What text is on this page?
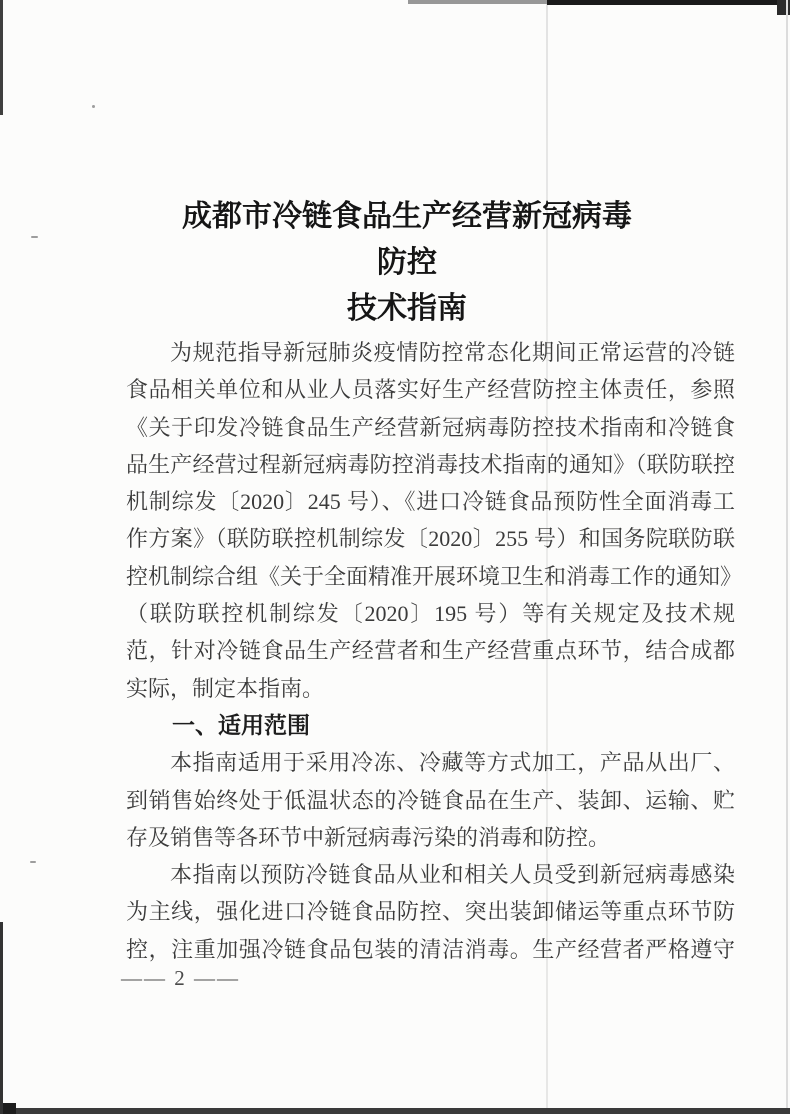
成都市冷链食品生产经营新冠病毒防控
技术指南
为规范指导新冠肺炎疫情防控常态化期间正常运营的冷链
食品相关单位和从业人员落实好生产经营防控主体责任，参照
《关于印发冷链食品生产经营新冠病毒防控技术指南和冷链食
品生产经营过程新冠病毒防控消毒技术指南的通知》（联防联控
机制综发〔2020〕245 号）、《进口冷链食品预防性全面消毒工
作方案》（联防联控机制综发〔2020〕255 号）和国务院联防联
控机制综合组《关于全面精准开展环境卫生和消毒工作的通知》
（联防联控机制综发〔2020〕195 号）等有关规定及技术规
范，针对冷链食品生产经营者和生产经营重点环节，结合成都
实际，制定本指南。
一、适用范围
本指南适用于采用冷冻、冷藏等方式加工，产品从出厂、
到销售始终处于低温状态的冷链食品在生产、装卸、运输、贮
存及销售等各环节中新冠病毒污染的消毒和防控。
本指南以预防冷链食品从业和相关人员受到新冠病毒感染
为主线，强化进口冷链食品防控、突出装卸储运等重点环节防
控，注重加强冷链食品包装的清洁消毒。生产经营者严格遵守
—— 2 ——
